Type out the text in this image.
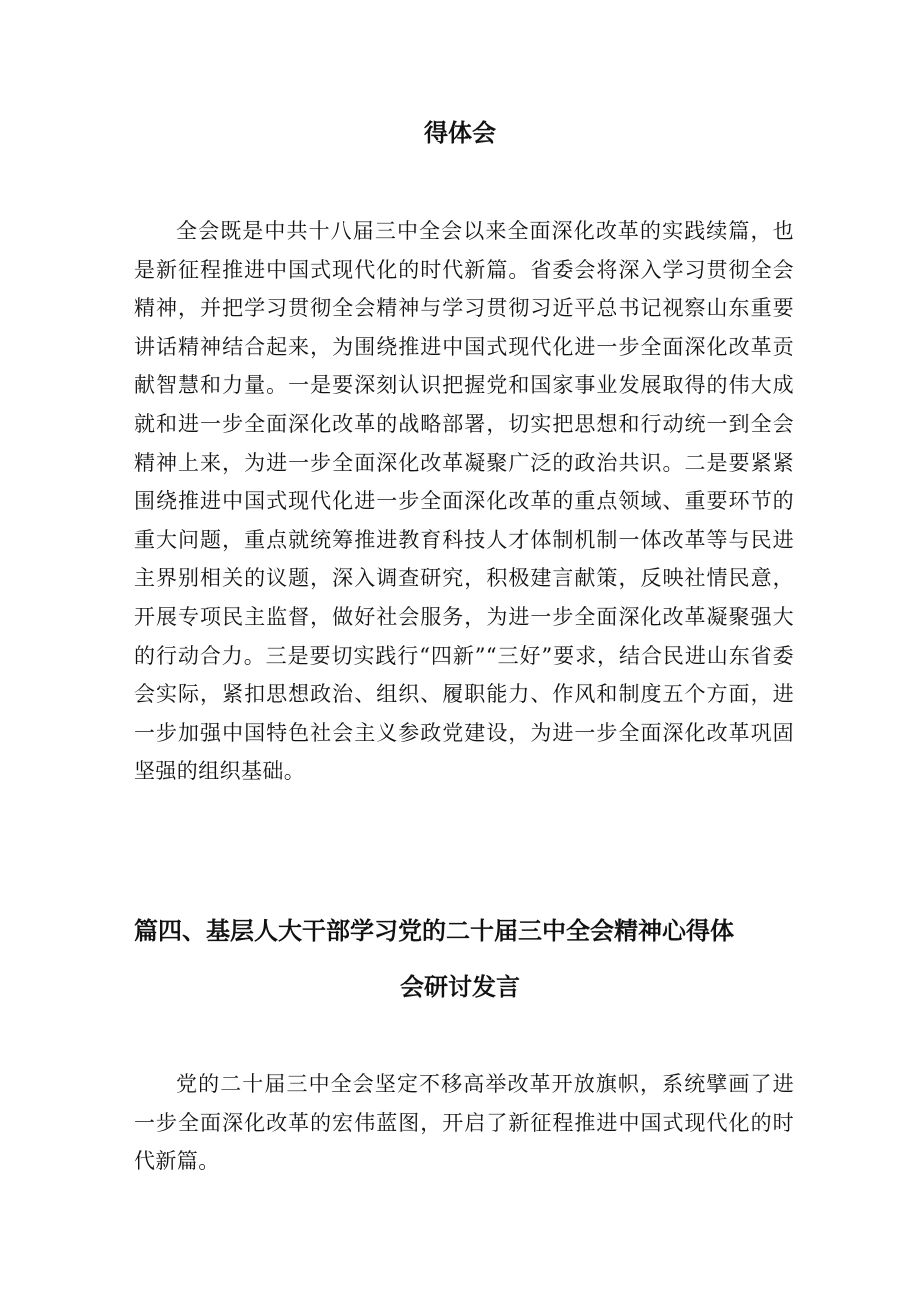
得体会

全会既是中共十八届三中全会以来全面深化改革的实践续篇，也是新征程推进中国式现代化的时代新篇。省委会将深入学习贯彻全会精神，并把学习贯彻全会精神与学习贯彻习近平总书记视察山东重要讲话精神结合起来，为围绕推进中国式现代化进一步全面深化改革贡献智慧和力量。一是要深刻认识把握党和国家事业发展取得的伟大成就和进一步全面深化改革的战略部署，切实把思想和行动统一到全会精神上来，为进一步全面深化改革凝聚广泛的政治共识。二是要紧紧围绕推进中国式现代化进一步全面深化改革的重点领域、重要环节的重大问题，重点就统筹推进教育科技人才体制机制一体改革等与民进主界别相关的议题，深入调查研究，积极建言献策，反映社情民意，开展专项民主监督，做好社会服务，为进一步全面深化改革凝聚强大的行动合力。三是要切实践行“四新”“三好”要求，结合民进山东省委会实际，紧扣思想政治、组织、履职能力、作风和制度五个方面，进一步加强中国特色社会主义参政党建设，为进一步全面深化改革巩固坚强的组织基础。

篇四、基层人大干部学习党的二十届三中全会精神心得体
会研讨发言

党的二十届三中全会坚定不移高举改革开放旗帜，系统擘画了进一步全面深化改革的宏伟蓝图，开启了新征程推进中国式现代化的时代新篇。
